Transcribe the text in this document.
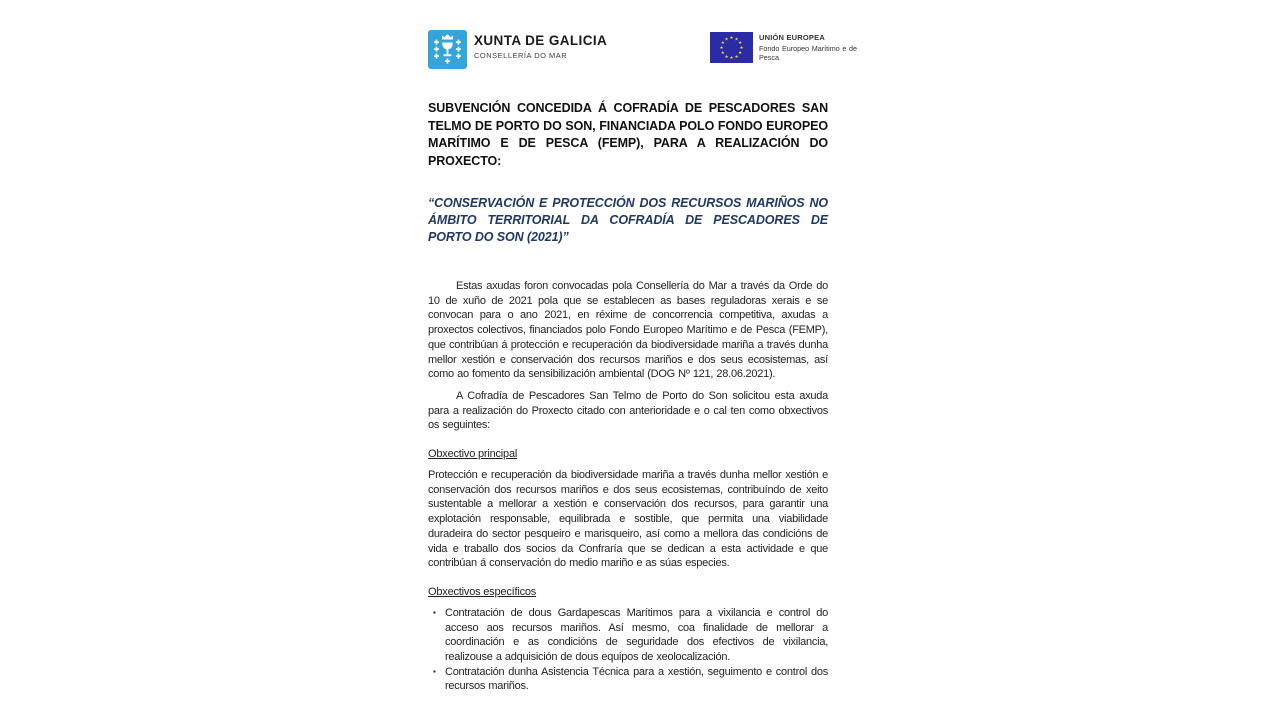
✚
✚
✚
✚
✚
✚
✚
XUNTA DE GALICIA
CONSELLERÍA DO MAR
★ ★
★
★
★
★
★
★
★
★
★
★	UNIÓN EUROPEA
Fondo Europeo Marítimo e de Pesca

SUBVENCIÓN CONCEDIDA Á COFRADÍA DE PESCADORES SAN TELMO DE PORTO DO SON, FINANCIADA POLO FONDO EUROPEO MARÍTIMO E DE PESCA (FEMP), PARA A REALIZACIÓN DO PROXECTO:

“CONSERVACIÓN E PROTECCIÓN DOS RECURSOS MARIÑOS NO ÁMBITO TERRITORIAL DA COFRADÍA DE PESCADORES DE PORTO DO SON (2021)”

Estas axudas foron convocadas pola Consellería do Mar a través da Orde do 10 de xuño de 2021 pola que se establecen as bases reguladoras xerais e se convocan para o ano 2021, en réxime de concorrencia competitiva, axudas a proxectos colectivos, financiados polo Fondo Europeo Marítimo e de Pesca (FEMP), que contribúan á protección e recuperación da biodiversidade mariña a través dunha mellor xestión e conservación dos recursos mariños e dos seus ecosistemas, así como ao fomento da sensibilización ambiental (DOG Nº 121, 28.06.2021).

A Cofradía de Pescadores San Telmo de Porto do Son solicitou esta axuda para a realización do Proxecto citado con anterioridade e o cal ten como obxectivos os seguintes:

Obxectivo principal

Protección e recuperación da biodiversidade mariña a través dunha mellor xestión e conservación dos recursos mariños e dos seus ecosistemas, contribuíndo de xeito sustentable a mellorar a xestión e conservación dos recursos, para garantir una explotación responsable, equilibrada e sostible, que permita una viabilidade duradeira do sector pesqueiro e marisqueiro, así como a mellora das condicións de vida e traballo dos socios da Confraría que se dedican a esta actividade e que contribúan á conservación do medio mariño e as súas especies.

Obxectivos específicos

▪ Contratación de dous Gardapescas Marítimos para a vixilancia e control do acceso aos recursos mariños. Así mesmo, coa finalidade de mellorar a coordinación e as condicións de seguridade dos efectivos de vixilancia, realizouse a adquisición de dous equipos de xeolocalización.
▪ Contratación dunha Asistencia Técnica para a xestión, seguimento e control dos recursos mariños.
